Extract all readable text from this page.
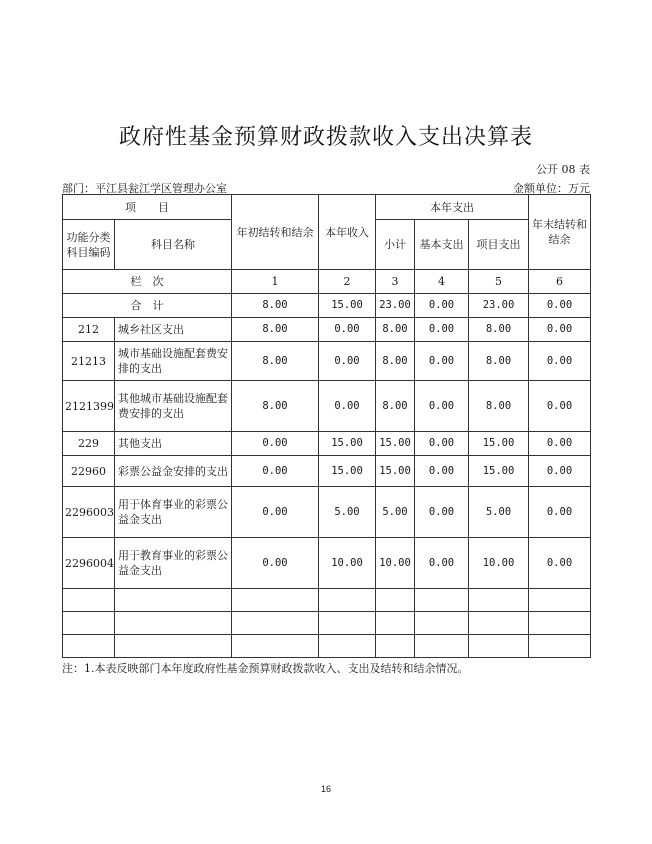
政府性基金预算财政拨款收入支出决算表
公开 08 表
部门：平江县瓮江学区管理办公室	金额单位：万元
项　　目		年初结转和结余	本年收入	本年支出			年末结转和
结余
功能分类
科目编码	科目名称			小计	基本支出	项目支出	
栏　次		1	2	3	4	5	6
合　计		8.00	15.00	23.00	0.00	23.00	0.00
212	城乡社区支出	8.00	0.00	8.00	0.00	8.00	0.00
21213	城市基础设施配套费安排的支出	8.00	0.00	8.00	0.00	8.00	0.00
2121399	其他城市基础设施配套费安排的支出	8.00	0.00	8.00	0.00	8.00	0.00
229	其他支出	0.00	15.00	15.00	0.00	15.00	0.00
22960	彩票公益金安排的支出	0.00	15.00	15.00	0.00	15.00	0.00
2296003	用于体育事业的彩票公益金支出	0.00	5.00	5.00	0.00	5.00	0.00
2296004	用于教育事业的彩票公益金支出	0.00	10.00	10.00	0.00	10.00	0.00

注：1.本表反映部门本年度政府性基金预算财政拨款收入、支出及结转和结余情况。
16
